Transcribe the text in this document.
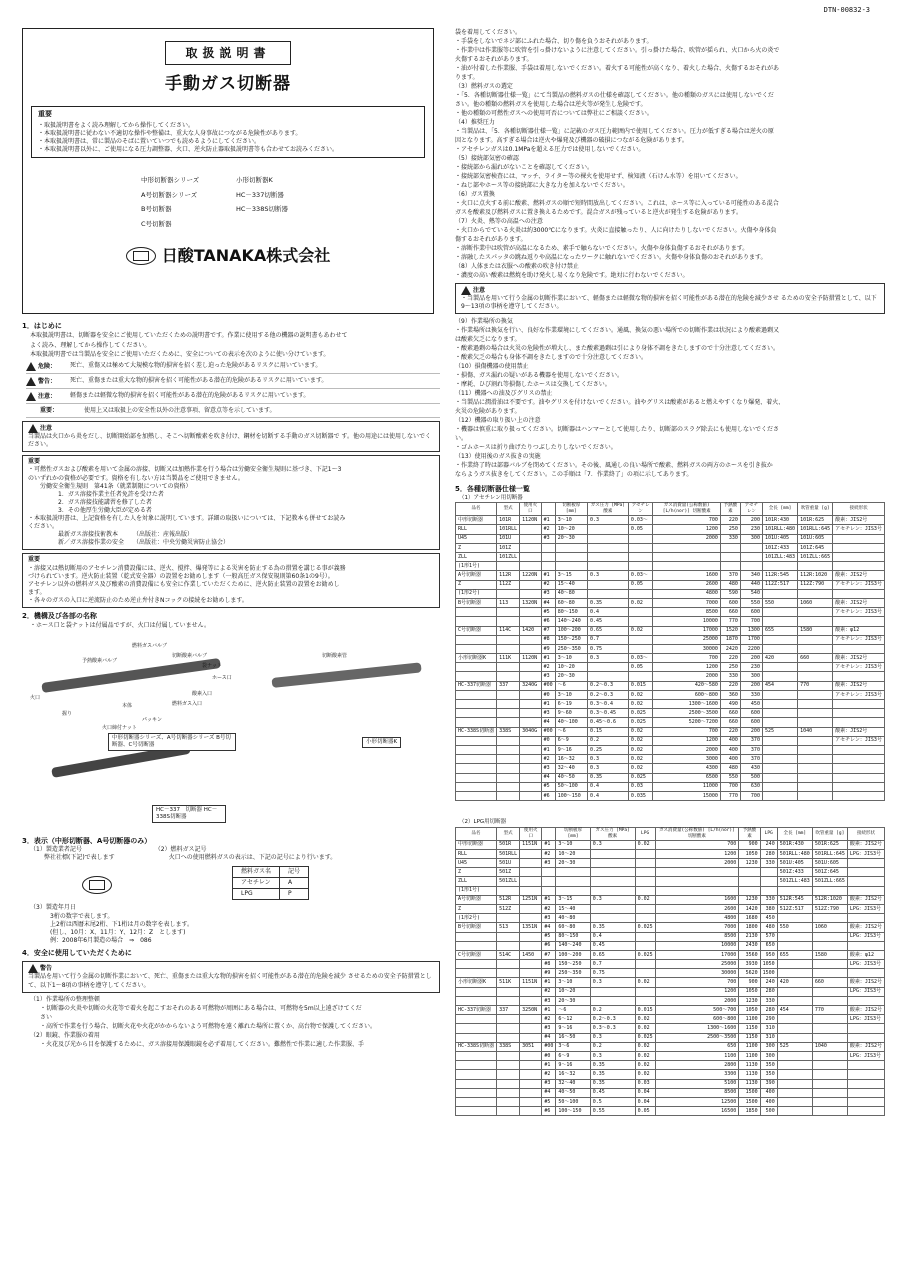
DTN-00832-3
取扱説明書
手動ガス切断器
重要
・取扱説明書をよく読み理解してから操作してください。
・本取扱説明書に従わない不適切な操作や整備は、重大な人身事故につながる危険性があります。
・本取扱説明書は、常に製品のそばに置いていつでも読めるようにしてください。
・本取扱説明書以外に、ご使用になる圧力調整器、火口、逆火防止器取扱説明書等も合わせてお読みください。
中形切断器シリーズ	小形切断器K
A号切断器シリーズ	HC－337切断器
B号切断器	HC－338S切断器
C号切断器
日酸TANAKA株式会社
1．はじめに

本取扱説明書は、切断器を安全にご使用していただくための説明書です。作業に使用する他の機器の説明書もあわせて

よく読み、理解してから操作してください。

本取扱説明書では当製品を安全にご使用いただくために、安全についての表示を次のように使い分けています。

危険：	死亡、重傷又は極めて大規模な物的損害を招く差し迫った危険があるリスクに用いています。
警告：	死亡、重傷または重大な物的損害を招く可能性がある潜在的危険があるリスクに用いています。
注意：	軽傷または軽微な物的損害を招く可能性がある潜在的危険があるリスクに用いています。
重要：	使用上又は取扱上の安全性以外の注意事項、留意点等を示しています。
注意
当製品は火口から炎をだし、切断開始部を加熱し、そこへ切断酸素を吹き付け、鋼材を切断する手動のガス切断器で す。他の用途には使用しないでください。
重要
・可燃性ガスおよび酸素を用いて金属の溶接、切断又は加熱作業を行う場合は労働安全衛生規則に基づき、下記1～3
のいずれかの資格が必要です。資格を有しない方は当製品をご使用できません。
労働安全衛生規則　第41条（就業制限についての資格）
1．ガス溶接作業主任者免許を受けた者
2．ガス溶接技能講習を修了した者
3．その他厚生労働大臣が定める者
・本取扱説明書は、上記資格を有した人を対象に説明しています。詳細の取扱いについては、下記教本も併せてお読み
ください。
最新ガス溶接技術教本　　　（出版社：産報出版）
新／ガス溶接作業の安全　　（出版社：中央労働災害防止協会）
重要
・溶接又は熱切断用のアセチレン消費設備には、逆火、撹拌、爆発等による災害を防止する為の措置を講じる事が義務
づけられています。逆火防止装置（乾式安全器）の設置をお勧めします（一般高圧ガス保安規則第60条1の9号）。
アセチレン以外の燃料ガス及び酸素の消費設備にも安全に作業していただくために、逆火防止装置の設置をお勧めし
ます。
・各々のガスの入口に逆流防止のため逆止弁付きNコックの接続をお勧めします。
2．機構及び各部の名称

・ホース口と袋ナットは付属品ですが、火口は付属していません。

燃料ガスバルブ
切断酸素バルブ
予熱酸素バルブ
袋ナット
ホース口
酸素入口
燃料ガス入口
本体
火口
握り
パッキン
火口締付ナット
切断酸素管
中形切断器シリーズ、A号切断器シリーズ B号切断器、C号切断器
小形切断器K
HC－337　切断器 HC－338S切断器
3．表示（中形切断器、A号切断器のみ）
（1）製造業者記号
弊社社標(下記)で表します
（2）燃料ガス記号
火口への使用燃料ガスの表示は、下記の記号により行います。
燃料ガス名	記号
アセチレン	A
LPG	P
（3）製造年月日
3桁の数字で表します。
上2桁は西暦末尾2桁、下1桁は月の数字を表します。
(但し、10月：X、11月：Y、12月：Z　とします)
例：2008年6月製造の場合　⇒　086
4．安全に使用していただくために
警告
当製品を用いて行う金属の切断作業において、死亡、重傷または重大な物的損害を招く可能性がある潜在的危険を減少 させるための安全予防措置として、以下1～8項の事柄を遵守してください。

（1）作業場所の整理整頓

・切断器の火炎や切断の火花等で着火を起こすおそれのある可燃物が周囲にある場合は、可燃物を5m以上遠ざけてくだ

さい

・高所で作業を行う場合、切断火花や火花がかからないよう可燃物を遠く離れた場所に置くか、高台物で保護してください。

（2）眼鏡、作業服の着用

・火花及び光から目を保護するために、ガス溶接用保護眼鏡を必ず着用してください。難燃性で作業に適した作業服、手

袋を着用してください。
・手袋をしないでネジ部にふれた場合、切り傷を負うおそれがあります。
・作業中は作業服等に吹管を引っ掛けないように注意してください。引っ掛けた場合、吹管が揺られ、火口から火の炎で
火傷するおそれがあります。
・油が付着した作業服、手袋は着用しないでください。着火する可能性が高くなり、着火した場合、火傷するおそれがあ
ります。
（3）燃料ガスの選定
・「5．各種切断器仕様一覧」にて当製品の燃料ガスの仕様を確認してください。他の種類のガスには使用しないでくだ
さい。他の種類の燃料ガスを使用した場合は逆火等が発生し危険です。
・他の種類の可燃性ガスへの使用可否については弊社にご相談ください。
（4）推奨圧力
・当製品は、「5．各種切断器仕様一覧」に記載のガス圧力範囲内で使用してください。圧力が低すぎる場合は逆火の原
因となります。高すぎる場合は逆火や爆発及び機器の破損につながる危険があります。
・アセチレンガスは0.1MPaを超える圧力では使用しないでください。
（5）接続部気密の確認
・接続部から漏れがないことを確認してください。
・接続部気密検査には、マッチ、ライター等の裸火を使用せず、検知液（石けん水等）を用いてください。
・ねじ部やホース等の接続部に大きな力を加えないでください。
（6）ガス置換
・火口に点火する前に酸素、燃料ガスの順で短時間放出してください。これは、ホース等に入っている可能性のある混合
ガスを酸素及び燃料ガスに置き換えるためです。混合ガスが残っていると逆火が発生する危険があります。
（7）火炎、熱等の高温への注意
・火口からでている火炎は約3000℃になります。火炎に直接触ったり、人に向けたりしないでください。火傷や身体負
傷するおそれがあります。
・溶断作業中は吹管が高温になるため、素手で触らないでください。火傷や身体負傷するおそれがあります。
・溶融したスパッタの跳ね返りや高温になったワークに触れないでください。火傷や身体負傷のおそれがあります。
（8）人体または衣服への酸素の吹き付け禁止
・濃度の高い酸素は燃焼を助け発火し易くなり危険です。絶対に行わないでください。
注意
・当製品を用いて行う金属の切断作業において、軽傷または軽微な物的損害を招く可能性がある潜在的危険を減少させ るための安全予防措置として、以下9～13項の事柄を遵守してください。
（9）作業場所の換気
・作業場所は換気を行い、良好な作業環境にしてください。通風、換気の悪い場所での切断作業は状況により酸素過剰又
は酸素欠乏になります。
・酸素過剰の場合は火災の危険性が増大し、また酸素過剰は引により身体不調をきたしますので十分注意してください。
・酸素欠乏の場合も身体不調をきたしますので十分注意してください。
（10）損傷機器の使用禁止
・損傷、ガス漏れの疑いがある機器を使用しないでください。
・摩耗、ひび割れ等損傷したホースは交換してください。
（11）機器への油及びグリスの禁止
・当製品に潤滑油は不要です。油やグリスを付けないでください。油やグリスは酸素があると燃えやすくなり爆発、着火、
火災の危険があります。
（12）機器の取り扱い上の注意
・機器は慎重に取り扱ってください。切断器はハンマーとして使用したり、切断部のスラグ除去にも使用しないでくださ
い。
・ゴムホースは折り曲げたりつぶしたりしないでください。
（13）使用後のガス抜きの実施
・作業終了時は部器バルブを閉めてください。その後、風通しの良い場所で酸素、燃料ガスの両方のホースを引き抜か
ならようガス抜きをしてください。この手順は「7．作業終了」の項に示してあります。
5．各種切断器仕様一覧
（1）アセチレン用切断器
品名	型式	使用火口		切断板厚 [mm]	ガス圧力 [MPa] 酸素	アセチレン	ガス消費量(公称数値) [L/h(nor)] 切断酸素	予熱酸素	アセチレン	全長 [mm]	吹管重量 [g]	接続形状
中形切断器	101R	1120N	#1	3～10	0.3	0.03～	700	220	200	101R:430	101R:625	酸素：JIS2号
RLL	101RLL		#2	10～20		0.05	1200	250	230	101RLL:480	101RLL:645	アセチレン：JIS3号
U45	101U		#3	20～30			2000	330	300	101U:405	101U:605	
Z	101Z									101Z:433	101Z:645	
ZLL	101ZLL									101ZLL:483	101ZLL:665	
(1形1号)												
A号切断器	112R	1220N	#1	3～15	0.3	0.03～	1600	370	340	112R:545	112R:1020	酸素：JIS2号
Z	112Z		#2	15～40		0.05	2600	480	440	112Z:517	112Z:790	アセチレン：JIS3号
(1形2号)			#3	40～80			4800	590	540			
B号切断器	113	1320N	#4	60～80	0.35	0.02	7000	600	550	550	1060	酸素：JIS2号
			#5	80～150	0.4		8500	660	600			アセチレン：JIS3号
			#6	140～240	0.45		10000	770	700			
C号切断器	114C	1420	#7	100～200	0.65	0.02	17000	1520	1300	655	1580	酸素：φ12
			#8	150～250	0.7		25000	1870	1700			アセチレン：JIS3号
			#9	250～350	0.75		30000	2420	2200			
小形切断器K	111K	1120N	#1	3～10	0.3	0.03～	700	220	200	420	660	酸素：JIS2号
			#2	10～20		0.05	1200	250	230			アセチレン：JIS3号
			#3	20～30			2000	330	300			
HC-337切断器	337	3240G	#00	～6	0.2～0.3	0.015	420～580	220	200	454	770	酸素：JIS2号
			#0	3～10	0.2～0.3	0.02	600～800	360	330			アセチレン：JIS3号
			#1	6～19	0.3～0.4	0.02	1300～1600	490	450			
			#3	9～60	0.3～0.45	0.025	2500～3500	660	600			
			#4	40～100	0.45～0.6	0.025	5200～7200	660	600			
HC-338S切断器	338S	3040G	#00	～6	0.15	0.02	700	220	200	525	1040	酸素：JIS2号
			#0	6～9	0.2	0.02	1200	400	370			アセチレン：JIS3号
			#1	9～16	0.25	0.02	2000	400	370			
			#2	16～32	0.3	0.02	3000	400	370			
			#3	32～40	0.3	0.02	4300	480	430			
			#4	40～50	0.35	0.025	6500	550	500			
			#5	50～100	0.4	0.03	11000	700	630			
			#6	100～150	0.4	0.035	15000	770	700			
（2）LPG用切断器
品名	型式	使用火口		切断板厚 [mm]	ガス圧力 [MPa] 酸素	LPG	ガス消費量(公称数値) [L/h(nor)] 切断酸素	予熱酸素	LPG	全長 [mm]	吹管重量 [g]	接続形状
中形切断器	501R	1151N	#1	3～10	0.3	0.02	700	900	240	501R:430	501R:625	酸素：JIS2号
RLL	501RLL		#2	10～20			1200	1050	280	501RLL:480	501RLL:645	LPG：JIS3号
U45	501U		#3	20～30			2000	1230	330	501U:405	501U:605	
Z	501Z									501Z:433	501Z:645	
ZLL	501ZLL									501ZLL:483	501ZLL:665	
(1形1号)												
A号切断器	512R	1251N	#1	3～15	0.3	0.02	1600	1230	330	512R:545	512R:1020	酸素：JIS2号
Z	512Z		#2	15～40			2600	1420	380	512Z:517	512Z:790	LPG：JIS3号
(1形2号)			#3	40～80			4800	1680	450			
B号切断器	513	1351N	#4	60～80	0.35	0.025	7000	1800	480	550	1060	酸素：JIS2号
			#5	80～150	0.4		8500	2130	570			LPG：JIS3号
			#6	140～240	0.45		10000	2430	650			
C号切断器	514C	1450	#7	100～200	0.65	0.025	17000	3560	950	655	1580	酸素：φ12
			#8	150～250	0.7		25000	3930	1050			LPG：JIS3号
			#9	250～350	0.75		30000	5620	1500			
小形切断器K	511K	1151N	#1	3～10	0.3	0.02	700	900	240	420	660	酸素：JIS2号
			#2	10～20			1200	1050	280			LPG：JIS3号
			#3	20～30			2000	1230	330			
HC-337切断器	337	3250N	#1	～6	0.2	0.015	500～700	1050	280	454	770	酸素：JIS2号
			#2	6～12	0.2～0.3	0.02	600～800	1100	290			LPG：JIS3号
			#3	9～16	0.3～0.3	0.02	1300～1600	1150	310			
			#4	16～50	0.3	0.025	2500～3500	1150	310			
HC-338S切断器	338S	3051	#00	3～6	0.2	0.02	650	1100	300	525	1040	酸素：JIS2号
			#0	6～9	0.3	0.02	1100	1100	300			LPG：JIS3号
			#1	9～16	0.35	0.02	2800	1130	350			
			#2	16～32	0.35	0.02	3300	1130	350			
			#3	32～40	0.35	0.03	5100	1130	390			
			#4	40～50	0.45	0.04	8500	1500	400			
			#5	50～100	0.5	0.04	12500	1500	400			
			#6	100～150	0.55	0.05	16500	1850	500			
